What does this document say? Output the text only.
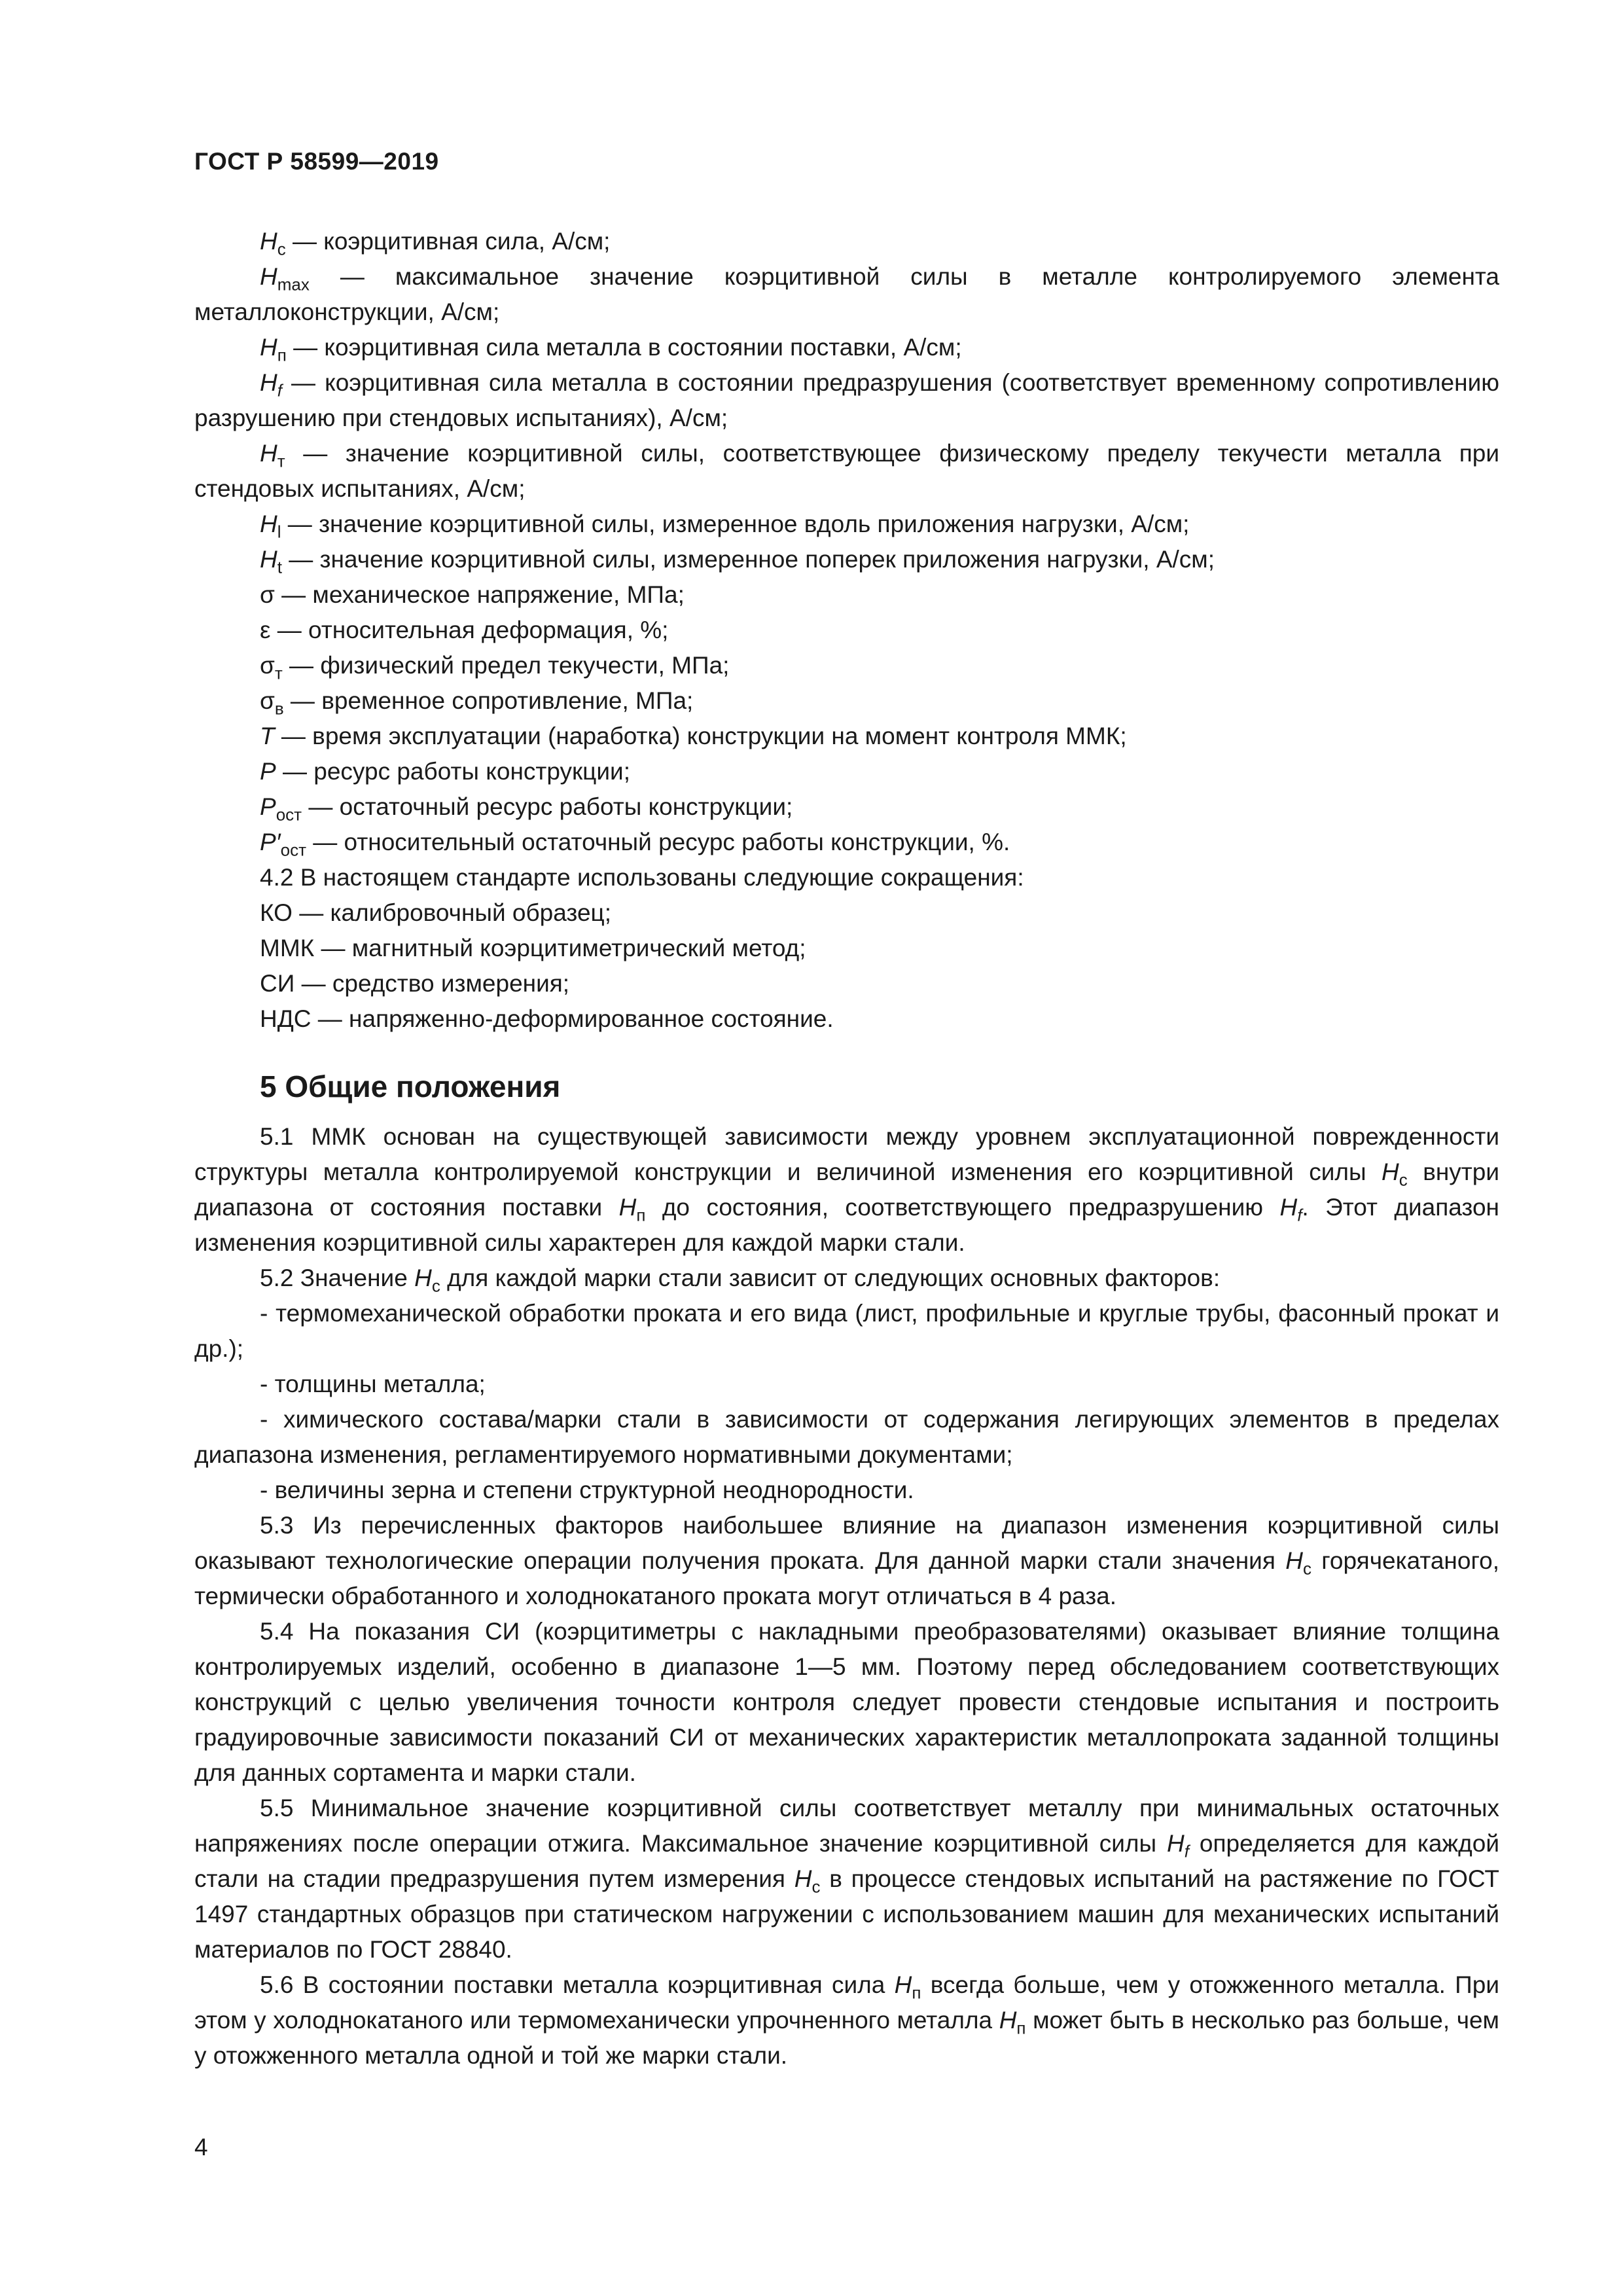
ГОСТ Р 58599—2019
$H_c$ — коэрцитивная сила, А/см;
$H_{max}$ — максимальное значение коэрцитивной силы в металле контролируемого элемента металлоконструкции, А/см;
$H_п$ — коэрцитивная сила металла в состоянии поставки, А/см;
$H_f$ — коэрцитивная сила металла в состоянии предразрушения (соответствует временному сопротивлению разрушению при стендовых испытаниях), А/см;
$H_т$ — значение коэрцитивной силы, соответствующее физическому пределу текучести металла при стендовых испытаниях, А/см;
$H_l$ — значение коэрцитивной силы, измеренное вдоль приложения нагрузки, А/см;
$H_t$ — значение коэрцитивной силы, измеренное поперек приложения нагрузки, А/см;
σ — механическое напряжение, МПа;
ε — относительная деформация, %;
$\sigma_т$ — физический предел текучести, МПа;
$\sigma_в$ — временное сопротивление, МПа;
T — время эксплуатации (наработка) конструкции на момент контроля ММК;
P — ресурс работы конструкции;
$P_{ост}$ — остаточный ресурс работы конструкции;
$P'_{ост}$ — относительный остаточный ресурс работы конструкции, %.
4.2 В настоящем стандарте использованы следующие сокращения:
КО — калибровочный образец;
ММК — магнитный коэрцитиметрический метод;
СИ — средство измерения;
НДС — напряженно-деформированное состояние.
5 Общие положения
5.1 ММК основан на существующей зависимости между уровнем эксплуатационной поврежденности структуры металла контролируемой конструкции и величиной изменения его коэрцитивной силы $H_c$ внутри диапазона от состояния поставки $H_п$ до состояния, соответствующего предразрушению $H_f$. Этот диапазон изменения коэрцитивной силы характерен для каждой марки стали.
5.2 Значение $H_c$ для каждой марки стали зависит от следующих основных факторов:
- термомеханической обработки проката и его вида (лист, профильные и круглые трубы, фасонный прокат и др.);
- толщины металла;
- химического состава/марки стали в зависимости от содержания легирующих элементов в пределах диапазона изменения, регламентируемого нормативными документами;
- величины зерна и степени структурной неоднородности.
5.3 Из перечисленных факторов наибольшее влияние на диапазон изменения коэрцитивной силы оказывают технологические операции получения проката. Для данной марки стали значения $H_c$ горячекатаного, термически обработанного и холоднокатаного проката могут отличаться в 4 раза.
5.4 На показания СИ (коэрцитиметры с накладными преобразователями) оказывает влияние толщина контролируемых изделий, особенно в диапазоне 1—5 мм. Поэтому перед обследованием соответствующих конструкций с целью увеличения точности контроля следует провести стендовые испытания и построить градуировочные зависимости показаний СИ от механических характеристик металлопроката заданной толщины для данных сортамента и марки стали.
5.5 Минимальное значение коэрцитивной силы соответствует металлу при минимальных остаточных напряжениях после операции отжига. Максимальное значение коэрцитивной силы $H_f$ определяется для каждой стали на стадии предразрушения путем измерения $H_c$ в процессе стендовых испытаний на растяжение по ГОСТ 1497 стандартных образцов при статическом нагружении с использованием машин для механических испытаний материалов по ГОСТ 28840.
5.6 В состоянии поставки металла коэрцитивная сила $H_п$ всегда больше, чем у отожженного металла. При этом у холоднокатаного или термомеханически упрочненного металла $H_п$ может быть в несколько раз больше, чем у отожженного металла одной и той же марки стали.
4
